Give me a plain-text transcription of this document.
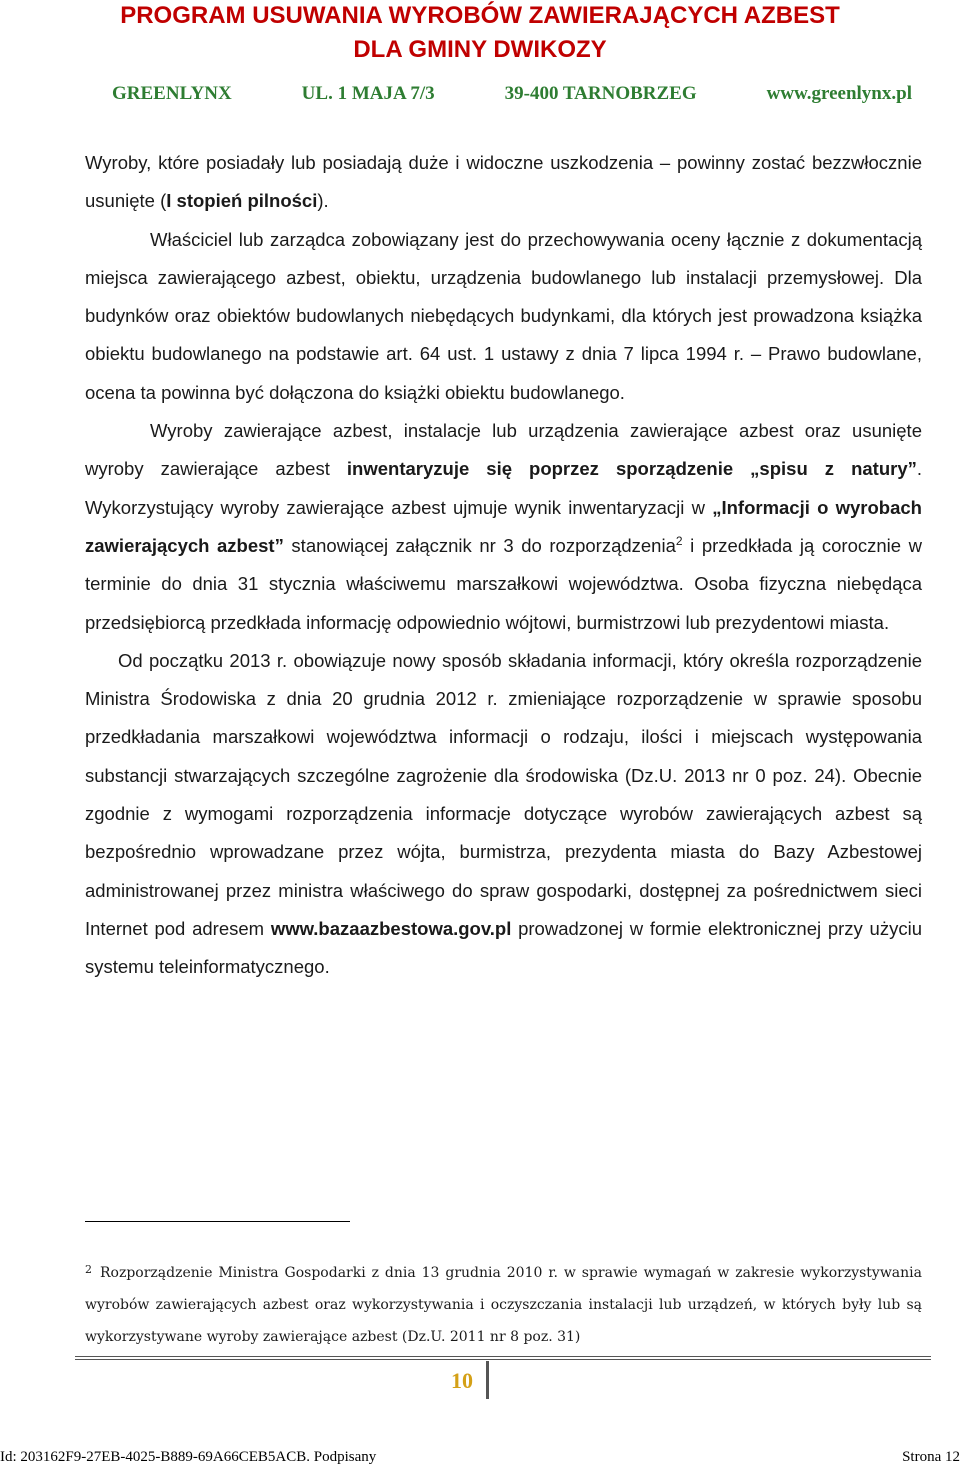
PROGRAM USUWANIA WYROBÓW ZAWIERAJĄCYCH AZBEST
DLA GMINY DWIKOZY
GREENLYNX	UL. 1 MAJA 7/3	39-400 TARNOBRZEG	www.greenlynx.pl

Wyroby, które posiadały lub posiadają duże i widoczne uszkodzenia – powinny zostać bezzwłocznie usunięte (I stopień pilności).

Właściciel lub zarządca zobowiązany jest do przechowywania oceny łącznie z dokumentacją miejsca zawierającego azbest, obiektu, urządzenia budowlanego lub instalacji przemysłowej. Dla budynków oraz obiektów budowlanych niebędących budynkami, dla których jest prowadzona książka obiektu budowlanego na podstawie art. 64 ust. 1 ustawy z dnia 7 lipca 1994 r. – Prawo budowlane, ocena ta powinna być dołączona do książki obiektu budowlanego.

Wyroby zawierające azbest, instalacje lub urządzenia zawierające azbest oraz usunięte wyroby zawierające azbest inwentaryzuje się poprzez sporządzenie „spisu z natury”. Wykorzystujący wyroby zawierające azbest ujmuje wynik inwentaryzacji w „Informacji o wyrobach zawierających azbest” stanowiącej załącznik nr 3 do rozporządzenia$^2$ i przedkłada ją corocznie w terminie do dnia 31 stycznia właściwemu marszałkowi województwa. Osoba fizyczna niebędąca przedsiębiorcą przedkłada informację odpowiednio wójtowi, burmistrzowi lub prezydentowi miasta.

Od początku 2013 r. obowiązuje nowy sposób składania informacji, który określa rozporządzenie Ministra Środowiska z dnia 20 grudnia 2012 r. zmieniające rozporządzenie w sprawie sposobu przedkładania marszałkowi województwa informacji o rodzaju, ilości i miejscach występowania substancji stwarzających szczególne zagrożenie dla środowiska (Dz.U. 2013 nr 0 poz. 24). Obecnie zgodnie z wymogami rozporządzenia informacje dotyczące wyrobów zawierających azbest są bezpośrednio wprowadzane przez wójta, burmistrza, prezydenta miasta do Bazy Azbestowej administrowanej przez ministra właściwego do spraw gospodarki, dostępnej za pośrednictwem sieci Internet pod adresem www.bazaazbestowa.gov.pl prowadzonej w formie elektronicznej przy użyciu systemu teleinformatycznego.

$^2$ Rozporządzenie Ministra Gospodarki z dnia 13 grudnia 2010 r. w sprawie wymagań w zakresie wykorzystywania wyrobów zawierających azbest oraz wykorzystywania i oczyszczania instalacji lub urządzeń, w których były lub są wykorzystywane wyroby zawierające azbest (Dz.U. 2011 nr 8 poz. 31)
10
Id: 203162F9-27EB-4025-B889-69A66CEB5ACB. Podpisany	Strona 12
